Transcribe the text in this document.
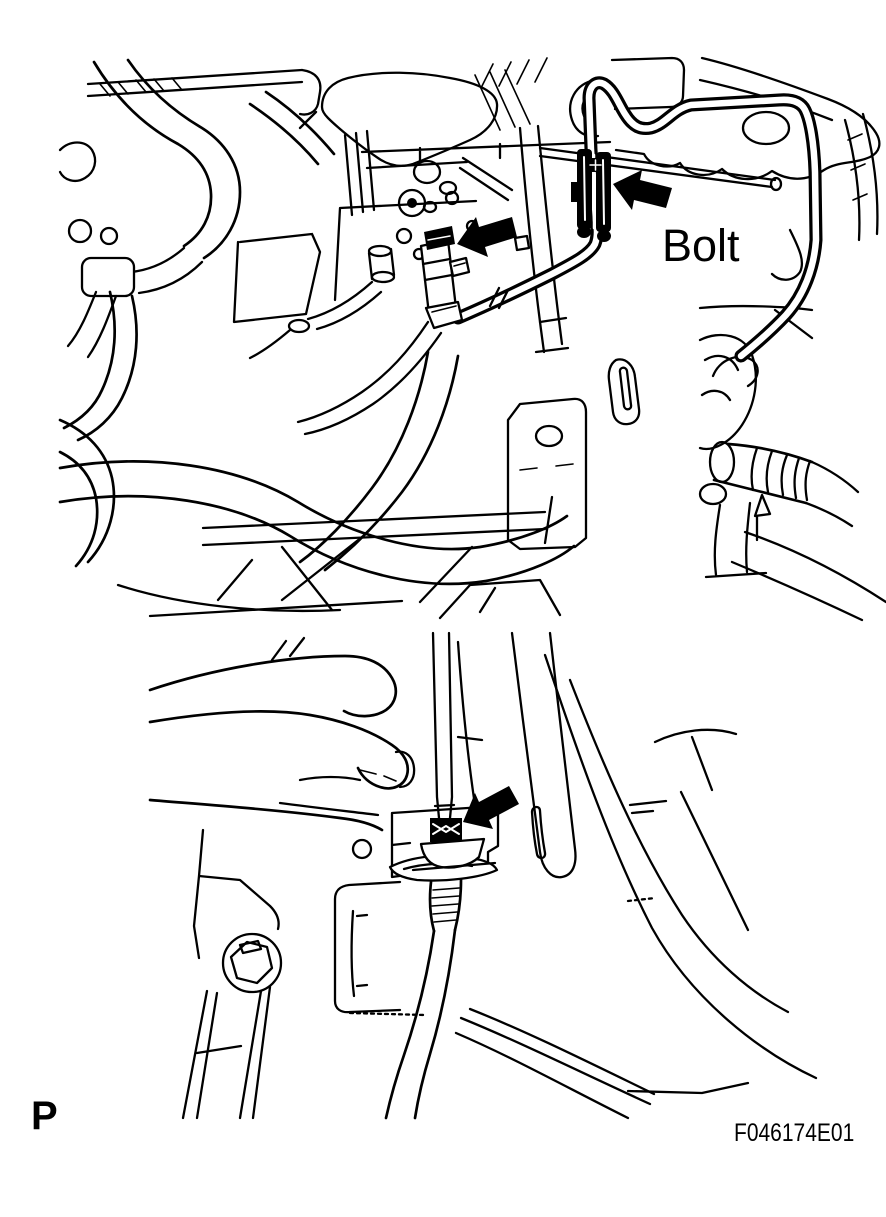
Bolt
P	F046174E01
